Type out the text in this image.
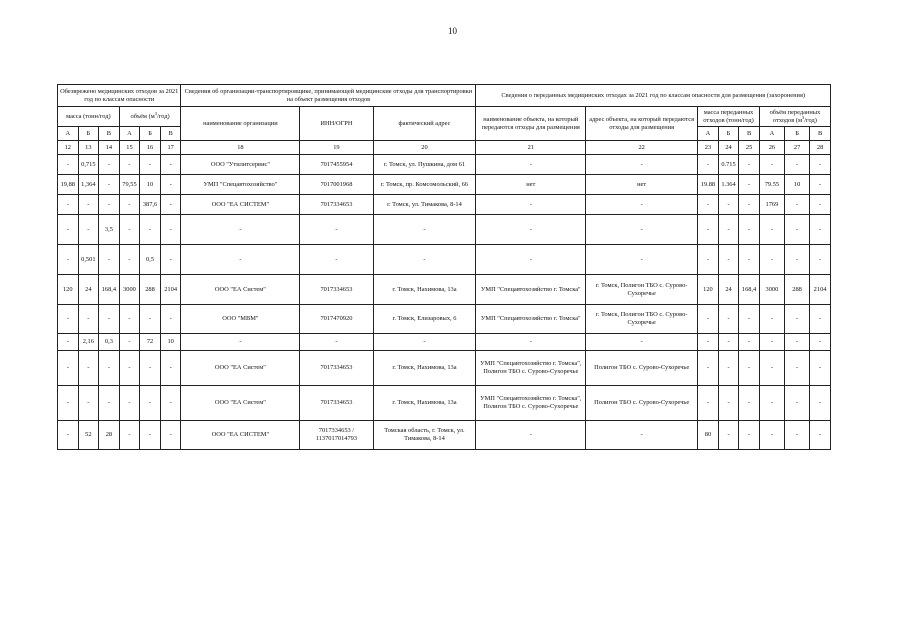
10
Обезврежено медицинских отходов за 2021 год по классам опасности						Сведения об организации-транспортировщике, принимающей медицинские отходы для транспортировки на объект размещения отходов			Сведения о переданных медицинских отходах за 2021 год по классам опасности для размещения (захоронения)							
масса (тонн/год)			объём $(м^3/год)$			наименование организации	ИНН/ОГРН	фактический адрес	наименование объекта, на который передаются отходы для размещения	адрес объекта, на который передаются отходы для размещения	масса переданных отходов (тонн/год)			объём переданных отходов $(м^3/год)$		
А	Б	В	А	Б	В						А	Б	В	А	Б	В
12	13	14	15	16	17	18	19	20	21	22	23	24	25	26	27	28
-	0,715	-	-	-	-	ООО "Утилитсервис"	7017455954	г. Томск, ул. Пушкина, дом 61	-	-	-	0.715	-	-	-	-
19,88	1,364	-	79,55	10	-	УМП "Спецавтохозяйство"	7017001968	г. Томск, пр. Комсомольский, 66	нет	нет	19.88	1.364	-	79.55	10	-
-	-	-	-	387,6	-	ООО "ЕА СИСТЕМ"	7017334653	г. Томск, ул. Тимакова, 8-14	-	-	-	-	-	1769	-	-
-	-	3,5	-	-	-	-	-	-	-	-	-	-	-	-	-	-
-	0,501	-	-	0,5	-	-	-	-	-	-	-	-	-	-	-	-
120	24	168,4	3000	288	2104	ООО "ЕА Систем"	7017334653	г. Томск, Нахимова, 13а	УМП "Спецавтохозяйство г. Томска"	г. Томск, Полигон ТБО с. Сурово-Сухоречье	120	24	168,4	3000	288	2104
-	-	-	-	-	-	ООО "МВМ"	7017470920	г. Томск, Елизаровых, 6	УМП "Спецавтохозяйство г. Томска"	г. Томск, Полигон ТБО с. Сурово-Сухоречье	-	-	-	-	-	-
-	2,16	0,3	-	72	10	-	-	-	-	-	-	-	-	-	-	-
-	-	-	-	-	-	ООО "ЕА Систем"	7017334653	г. Томск, Нахимова, 13а	УМП "Спецавтохозяйство г. Томска", Полигон ТБО с. Сурово-Сухоречье	Полигон ТБО с. Сурово-Сухоречье	-	-	-	-	-	-
-	-	-	-	-	-	ООО "ЕА Систем"	7017334653	г. Томск, Нахимова, 13а	УМП "Спецавтохозяйство г. Томска", Полигон ТБО с. Сурово-Сухоречье	Полигон ТБО с. Сурово-Сухоречье	-	-	-	-	-	-
-	52	28	-	-	-	ООО "ЕА СИСТЕМ"	7017334653 / 1137017014793	Томская область, г. Томск, ул. Тимакова, 8-14	-	-	80	-	-	-	-	-
